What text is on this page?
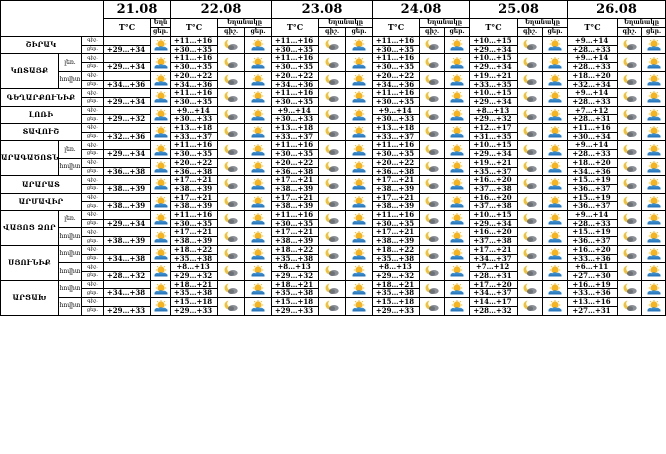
			21.08		22.08			23.08			24.08			25.08			26.08		
			T°C	Եղն	T°C	Եղանակը		T°C	Եղանակը		T°C	Եղանակը		T°C	Եղանակը		T°C	Եղանակը	
				ցեր.		գիշ.	ցեր.		գիշ.	ցեր.		գիշ.	ցեր.		գիշ.	ցեր.		գիշ.	ցեր.
ՇԻՐԱԿ		գիշ.			+11…+16			+11…+16			+11…+16			+10…+15			+9…+14		
		ցեր.	+29…+34		+30…+35			+30…+35			+30…+35			+29…+34			+28…+33		
ԿՈՏԱՅՔ	լեռ.	գիշ.			+11…+16			+11…+16			+11…+16			+10…+15			+9…+14		
		ցեր.	+29…+34		+30…+35			+30…+35			+30…+35			+29…+34			+28…+33		
	հովիտ	գիշ.			+20…+22			+20…+22			+20…+22			+19…+21			+18…+20		
		ցեր.	+34…+36		+34…+36			+34…+36			+34…+36			+33…+35			+32…+34		
ԳԵՂԱՐՔՈՒՆԻՔ		գիշ.			+11…+16			+11…+16			+11…+16			+10…+15			+9…+14		
		ցեր.	+29…+34		+30…+35			+30…+35			+30…+35			+29…+34			+28…+33		
ԼՈՌԻ		գիշ.			+9…+14			+9…+14			+9…+14			+8…+13			+7…+12		
		ցեր.	+29…+32		+30…+33			+30…+33			+30…+33			+29…+32			+28…+31		
ՏԱՎՈՒՇ		գիշ.			+13…+18			+13…+18			+13…+18			+12…+17			+11…+16		
		ցեր.	+32…+36		+33…+37			+33…+37			+33…+37			+31…+35			+30…+34		
ԱՐԱԳԱԾՈՏՆ	լեռ.	գիշ.			+11…+16			+11…+16			+11…+16			+10…+15			+9…+14		
		ցեր.	+29…+34		+30…+35			+30…+35			+30…+35			+29…+34			+28…+33		
	հովիտ	գիշ.			+20…+22			+20…+22			+20…+22			+19…+21			+18…+20		
		ցեր.	+36…+38		+36…+38			+36…+38			+36…+38			+35…+37			+34…+36		
ԱՐԱՐԱՏ		գիշ.			+17…+21			+17…+21			+17…+21			+16…+20			+15…+19		
		ցեր.	+38…+39		+38…+39			+38…+39			+38…+39			+37…+38			+36…+37		
ԱՐՄԱՎԻՐ		գիշ.			+17…+21			+17…+21			+17…+21			+16…+20			+15…+19		
		ցեր.	+38…+39		+38…+39			+38…+39			+38…+39			+37…+38			+36…+37		
ՎԱՅՈՑ ՁՈՐ	լեռ.	գիշ.			+11…+16			+11…+16			+11…+16			+10…+15			+9…+14		
		ցեր.	+29…+34		+30…+35			+30…+35			+30…+35			+29…+34			+28…+33		
	հովիտ	գիշ.			+17…+21			+17…+21			+17…+21			+16…+20			+15…+19		
		ցեր.	+38…+39		+38…+39			+38…+39			+38…+39			+37…+38			+36…+37		
ՍՅՈՒՆԻՔ	հովիտ	գիշ.			+18…+22			+18…+22			+18…+22			+17…+21			+16…+20		
		ցեր.	+34…+38		+35…+38			+35…+38			+35…+38			+34…+37			+33…+36		
	հովիտ	գիշ.			+8…+13			+8…+13			+8…+13			+7…+12			+6…+11		
		ցեր.	+28…+32		+29…+32			+29…+32			+29…+32			+28…+31			+27…+30		
ԱՐՑԱԽ	հովիտ	գիշ.			+18…+21			+18…+21			+18…+21			+17…+20			+16…+19		
		ցեր.	+34…+38		+35…+38			+35…+38			+35…+38			+34…+37			+33…+36		
	հովիտ	գիշ.			+15…+18			+15…+18			+15…+18			+14…+17			+13…+16		
		ցեր.	+29…+33		+29…+33			+29…+33			+29…+33			+28…+32			+27…+31		
